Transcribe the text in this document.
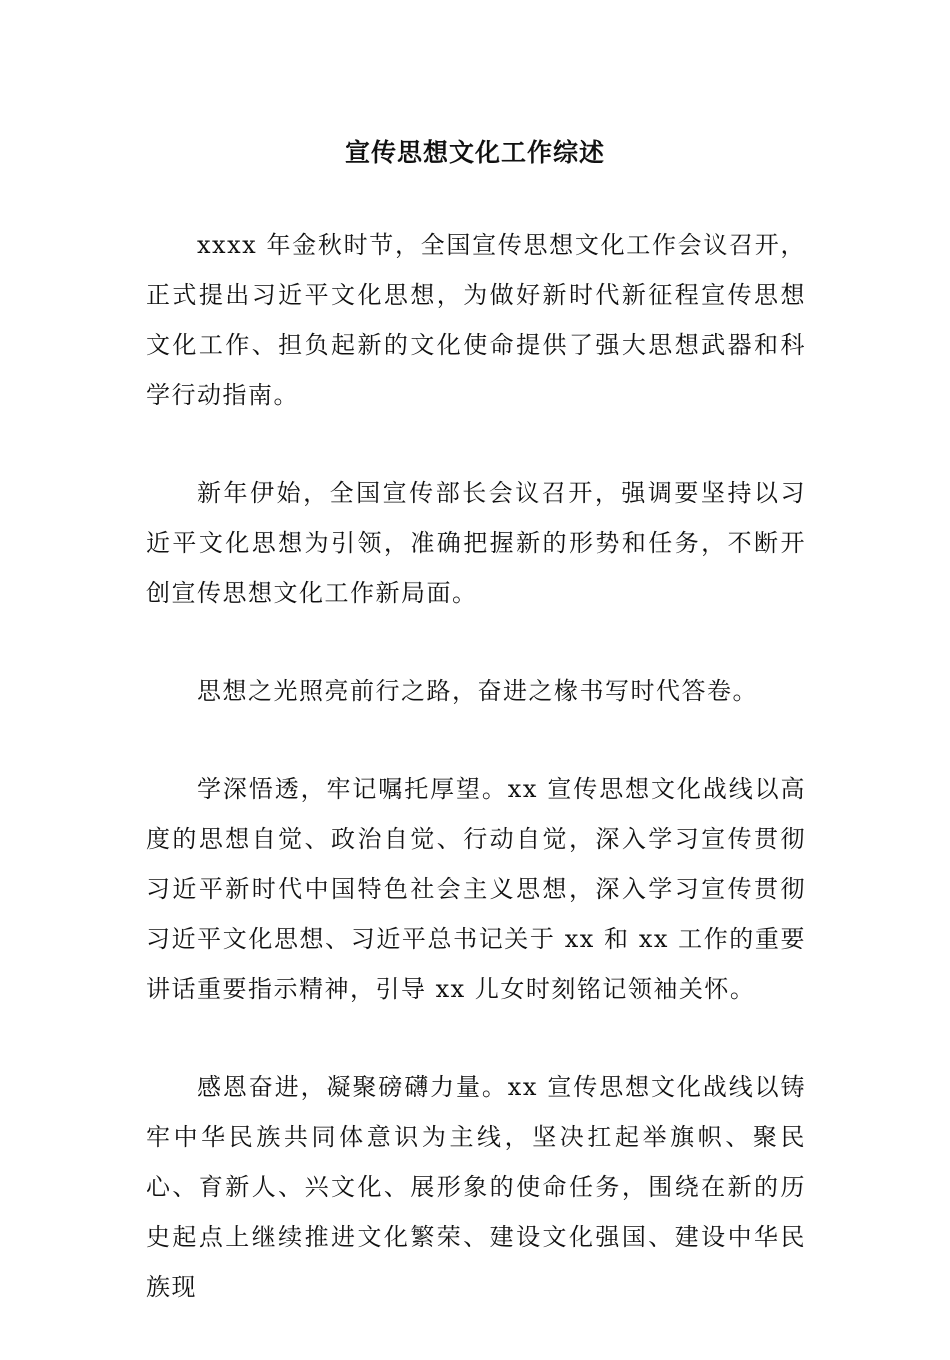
宣传思想文化工作综述

xxxx 年金秋时节，全国宣传思想文化工作会议召开，正式提出习近平文化思想，为做好新时代新征程宣传思想文化工作、担负起新的文化使命提供了强大思想武器和科学行动指南。

新年伊始，全国宣传部长会议召开，强调要坚持以习近平文化思想为引领，准确把握新的形势和任务，不断开创宣传思想文化工作新局面。

思想之光照亮前行之路，奋进之椽书写时代答卷。

学深悟透，牢记嘱托厚望。xx 宣传思想文化战线以高度的思想自觉、政治自觉、行动自觉，深入学习宣传贯彻习近平新时代中国特色社会主义思想，深入学习宣传贯彻习近平文化思想、习近平总书记关于 xx 和 xx 工作的重要讲话重要指示精神，引导 xx 儿女时刻铭记领袖关怀。

感恩奋进，凝聚磅礴力量。xx 宣传思想文化战线以铸牢中华民族共同体意识为主线，坚决扛起举旗帜、聚民心、育新人、兴文化、展形象的使命任务，围绕在新的历史起点上继续推进文化繁荣、建设文化强国、建设中华民族现
